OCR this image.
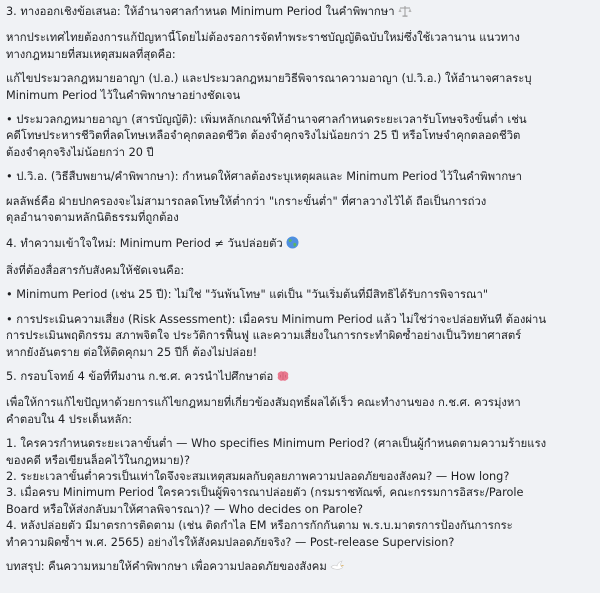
3. ทางออกเชิงข้อเสนอ: ให้อำนาจศาลกำหนด Minimum Period ในคำพิพากษา
หากประเทศไทยต้องการแก้ปัญหานี้โดยไม่ต้องรอการจัดทำพระราชบัญญัติฉบับใหม่ซึ่งใช้เวลานาน แนวทาง
ทางกฎหมายที่สมเหตุสมผลที่สุดคือ:
แก้ไขประมวลกฎหมายอาญา (ป.อ.) และประมวลกฎหมายวิธีพิจารณาความอาญา (ป.วิ.อ.) ให้อำนาจศาลระบุ
Minimum Period ไว้ในคำพิพากษาอย่างชัดเจน
• ประมวลกฎหมายอาญา (สารบัญญัติ): เพิ่มหลักเกณฑ์ให้อำนาจศาลกำหนดระยะเวลารับโทษจริงขั้นต่ำ เช่น
คดีโทษประหารชีวิตที่ลดโทษเหลือจำคุกตลอดชีวิต ต้องจำคุกจริงไม่น้อยกว่า 25 ปี หรือโทษจำคุกตลอดชีวิต
ต้องจำคุกจริงไม่น้อยกว่า 20 ปี
• ป.วิ.อ. (วิธีสืบพยาน/คำพิพากษา): กำหนดให้ศาลต้องระบุเหตุผลและ Minimum Period ไว้ในคำพิพากษา
ผลลัพธ์คือ ฝ่ายปกครองจะไม่สามารถลดโทษให้ต่ำกว่า "เกราะขั้นต่ำ" ที่ศาลวางไว้ได้ ถือเป็นการถ่วง
ดุลอำนาจตามหลักนิติธรรมที่ถูกต้อง
4. ทำความเข้าใจใหม่: Minimum Period ≠ วันปล่อยตัว
สิ่งที่ต้องสื่อสารกับสังคมให้ชัดเจนคือ:
• Minimum Period (เช่น 25 ปี): ไม่ใช่ "วันพ้นโทษ" แต่เป็น "วันเริ่มต้นที่มีสิทธิได้รับการพิจารณา"
• การประเมินความเสี่ยง (Risk Assessment): เมื่อครบ Minimum Period แล้ว ไม่ใช่ว่าจะปล่อยทันที ต้องผ่าน
การประเมินพฤติกรรม สภาพจิตใจ ประวัติการฟื้นฟู และความเสี่ยงในการกระทำผิดซ้ำอย่างเป็นวิทยาศาสตร์
หากยังอันตราย ต่อให้ติดคุกมา 25 ปีก็ ต้องไม่ปล่อย!
5. กรอบโจทย์ 4 ข้อที่ทีมงาน ก.ช.ศ. ควรนำไปศึกษาต่อ
เพื่อให้การแก้ไขปัญหาด้วยการแก้ไขกฎหมายที่เกี่ยวข้องสัมฤทธิ์ผลได้เร็ว คณะทำงานของ ก.ช.ศ. ควรมุ่งหา
คำตอบใน 4 ประเด็นหลัก:
1. ใครควรกำหนดระยะเวลาขั้นต่ำ — Who specifies Minimum Period? (ศาลเป็นผู้กำหนดตามความร้ายแรง
ของคดี หรือเขียนล็อคไว้ในกฎหมาย)?
2. ระยะเวลาขั้นต่ำควรเป็นเท่าใดจึงจะสมเหตุสมผลกับดุลยภาพความปลอดภัยของสังคม? — How long?
3. เมื่อครบ Minimum Period ใครควรเป็นผู้พิจารณาปล่อยตัว (กรมราชทัณฑ์, คณะกรรมการอิสระ/Parole
Board หรือให้ส่งกลับมาให้ศาลพิจารณา)? — Who decides on Parole?
4. หลังปล่อยตัว มีมาตรการติดตาม (เช่น ติดกำไล EM หรือการกักกันตาม พ.ร.บ.มาตรการป้องกันการกระ
ทำความผิดซ้ำฯ พ.ศ. 2565) อย่างไรให้สังคมปลอดภัยจริง? — Post-release Supervision?
บทสรุป: คืนความหมายให้คำพิพากษา เพื่อความปลอดภัยของสังคม
